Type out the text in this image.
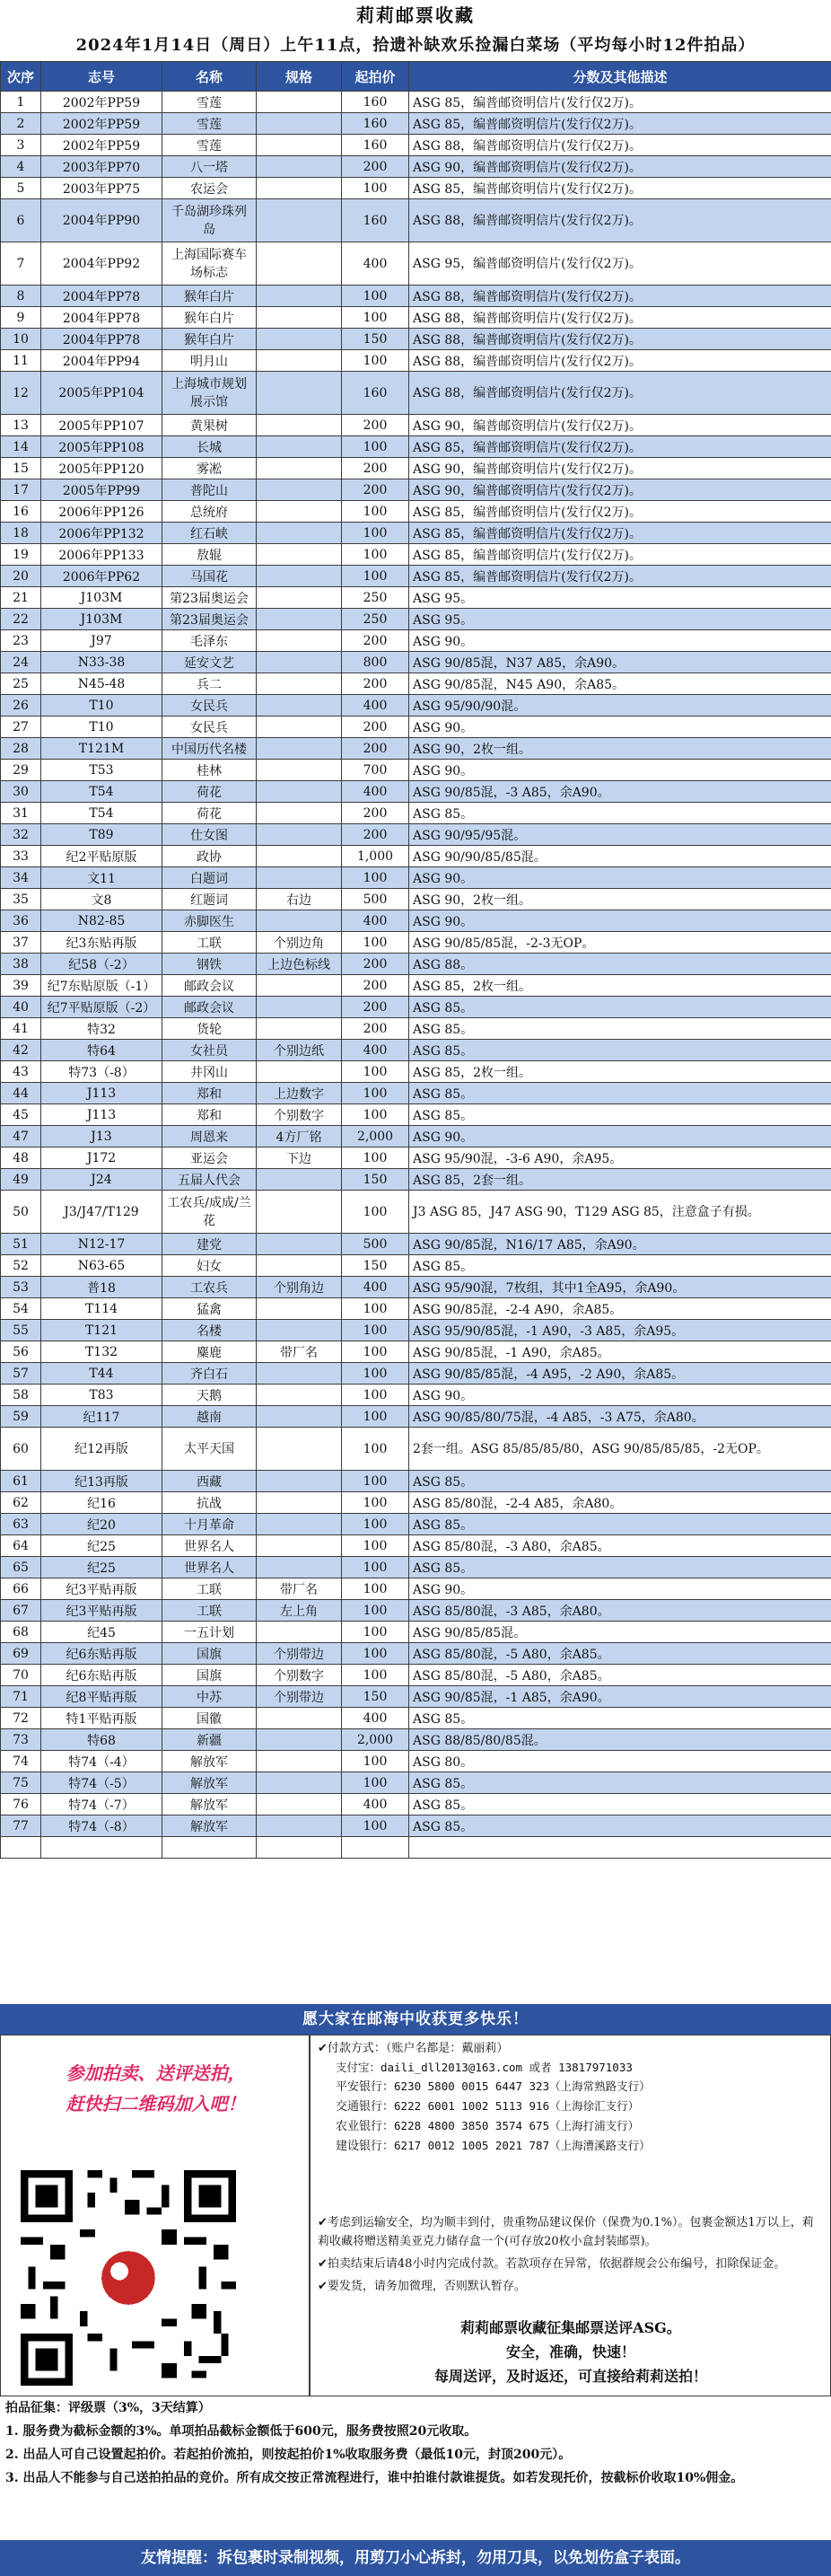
莉莉邮票收藏
2024年1月14日（周日）上午11点，拾遗补缺欢乐捡漏白菜场（平均每小时12件拍品）
次序	志号	名称	规格	起拍价	分数及其他描述
1	2002年PP59	雪莲		160	ASG 85，编普邮资明信片(发行仅2万)。
2	2002年PP59	雪莲		160	ASG 85，编普邮资明信片(发行仅2万)。
3	2002年PP59	雪莲		160	ASG 88，编普邮资明信片(发行仅2万)。
4	2003年PP70	八一塔		200	ASG 90，编普邮资明信片(发行仅2万)。
5	2003年PP75	农运会		100	ASG 85，编普邮资明信片(发行仅2万)。
6	2004年PP90	千岛湖珍珠列岛		160	ASG 88，编普邮资明信片(发行仅2万)。
7	2004年PP92	上海国际赛车场标志		400	ASG 95，编普邮资明信片(发行仅2万)。
8	2004年PP78	猴年白片		100	ASG 88，编普邮资明信片(发行仅2万)。
9	2004年PP78	猴年白片		100	ASG 88，编普邮资明信片(发行仅2万)。
10	2004年PP78	猴年白片		150	ASG 88，编普邮资明信片(发行仅2万)。
11	2004年PP94	明月山		100	ASG 88，编普邮资明信片(发行仅2万)。
12	2005年PP104	上海城市规划展示馆		160	ASG 88，编普邮资明信片(发行仅2万)。
13	2005年PP107	黄果树		200	ASG 90，编普邮资明信片(发行仅2万)。
14	2005年PP108	长城		100	ASG 85，编普邮资明信片(发行仅2万)。
15	2005年PP120	雾凇		200	ASG 90，编普邮资明信片(发行仅2万)。
17	2005年PP99	普陀山		200	ASG 90，编普邮资明信片(发行仅2万)。
16	2006年PP126	总统府		100	ASG 85，编普邮资明信片(发行仅2万)。
18	2006年PP132	红石峡		100	ASG 85，编普邮资明信片(发行仅2万)。
19	2006年PP133	敖辊		100	ASG 85，编普邮资明信片(发行仅2万)。
20	2006年PP62	马国花		100	ASG 85，编普邮资明信片(发行仅2万)。
21	J103M	第23届奥运会		250	ASG 95。
22	J103M	第23届奥运会		250	ASG 95。
23	J97	毛泽东		200	ASG 90。
24	N33-38	延安文艺		800	ASG 90/85混，N37 A85，余A90。
25	N45-48	兵二		200	ASG 90/85混，N45 A90，余A85。
26	T10	女民兵		400	ASG 95/90/90混。
27	T10	女民兵		200	ASG 90。
28	T121M	中国历代名楼		200	ASG 90，2枚一组。
29	T53	桂林		700	ASG 90。
30	T54	荷花		400	ASG 90/85混，-3 A85，余A90。
31	T54	荷花		200	ASG 85。
32	T89	仕女图		200	ASG 90/95/95混。
33	纪2平贴原版	政协		1,000	ASG 90/90/85/85混。
34	文11	白题词		100	ASG 90。
35	文8	红题词	右边	500	ASG 90，2枚一组。
36	N82-85	赤脚医生		400	ASG 90。
37	纪3东贴再版	工联	个别边角	100	ASG 90/85/85混，-2-3无OP。
38	纪58（-2）	钢铁	上边色标线	200	ASG 88。
39	纪7东贴原版（-1）	邮政会议		200	ASG 85，2枚一组。
40	纪7平贴原版（-2）	邮政会议		200	ASG 85。
41	特32	货轮		200	ASG 85。
42	特64	女社员	个别边纸	400	ASG 85。
43	特73（-8）	井冈山		100	ASG 85，2枚一组。
44	J113	郑和	上边数字	100	ASG 85。
45	J113	郑和	个别数字	100	ASG 85。
47	J13	周恩来	4方厂铭	2,000	ASG 90。
48	J172	亚运会	下边	100	ASG 95/90混，-3-6 A90，余A95。
49	J24	五届人代会		150	ASG 85，2套一组。
50	J3/J47/T129	工农兵/成成/兰花		100	J3 ASG 85，J47 ASG 90，T129 ASG 85，注意盒子有损。
51	N12-17	建党		500	ASG 90/85混，N16/17 A85，余A90。
52	N63-65	妇女		150	ASG 85。
53	普18	工农兵	个别角边	400	ASG 95/90混，7枚组，其中1全A95，余A90。
54	T114	猛禽		100	ASG 90/85混，-2-4 A90，余A85。
55	T121	名楼		100	ASG 95/90/85混，-1 A90，-3 A85，余A95。
56	T132	麋鹿	带厂名	100	ASG 90/85混，-1 A90，余A85。
57	T44	齐白石		100	ASG 90/85/85混，-4 A95，-2 A90，余A85。
58	T83	天鹅		100	ASG 90。
59	纪117	越南		100	ASG 90/85/80/75混，-4 A85，-3 A75，余A80。
60	纪12再版	太平天国		100	2套一组。ASG 85/85/85/80，ASG 90/85/85/85，-2无OP。
61	纪13再版	西藏		100	ASG 85。
62	纪16	抗战		100	ASG 85/80混，-2-4 A85，余A80。
63	纪20	十月革命		100	ASG 85。
64	纪25	世界名人		100	ASG 85/80混，-3 A80，余A85。
65	纪25	世界名人		100	ASG 85。
66	纪3平贴再版	工联	带厂名	100	ASG 90。
67	纪3平贴再版	工联	左上角	100	ASG 85/80混，-3 A85，余A80。
68	纪45	一五计划		100	ASG 90/85/85混。
69	纪6东贴再版	国旗	个别带边	100	ASG 85/80混，-5 A80，余A85。
70	纪6东贴再版	国旗	个别数字	100	ASG 85/80混，-5 A80，余A85。
71	纪8平贴再版	中苏	个别带边	150	ASG 90/85混，-1 A85，余A90。
72	特1平贴再版	国徽		400	ASG 85。
73	特68	新疆		2,000	ASG 88/85/80/85混。
74	特74（-4）	解放军		100	ASG 80。
75	特74（-5）	解放军		100	ASG 85。
76	特74（-7）	解放军		400	ASG 85。
77	特74（-8）	解放军		100	ASG 85。

愿大家在邮海中收获更多快乐！
参加拍卖、送评送拍，
赶快扫二维码加入吧！
✔付款方式：（账户名都是：戴丽莉）
支付宝：daili_dll2013@163.com 或者 13817971033
平安银行：6230 5800 0015 6447 323（上海常熟路支行）
交通银行：6222 6001 1002 5113 916（上海徐汇支行）
农业银行：6228 4800 3850 3574 675（上海打浦支行）
建设银行：6217 0012 1005 2021 787（上海漕溪路支行）

✔考虑到运输安全，均为顺丰到付，贵重物品建议保价（保费为0.1%）。包裹金额达1万以上，莉莉收藏将赠送精美亚克力储存盒一个(可存放20枚小盒封装邮票)。

✔拍卖结束后请48小时内完成付款。若款项存在异常，依据群规会公布编号，扣除保证金。

✔要发货，请务加微理，否则默认暂存。

莉莉邮票收藏征集邮票送评ASG。
安全，准确，快速！
每周送评，及时返还，可直接给莉莉送拍！
拍品征集：评级票（3%，3天结算）

1. 服务费为截标金额的3%。单项拍品截标金额低于600元，服务费按照20元收取。

2. 出品人可自己设置起拍价。若起拍价流拍，则按起拍价1%收取服务费（最低10元，封顶200元）。

3. 出品人不能参与自己送拍拍品的竞价。所有成交按正常流程进行，谁中拍谁付款谁提货。如若发现托价，按截标价收取10%佣金。

友情提醒：拆包裹时录制视频，用剪刀小心拆封，勿用刀具，以免划伤盒子表面。
